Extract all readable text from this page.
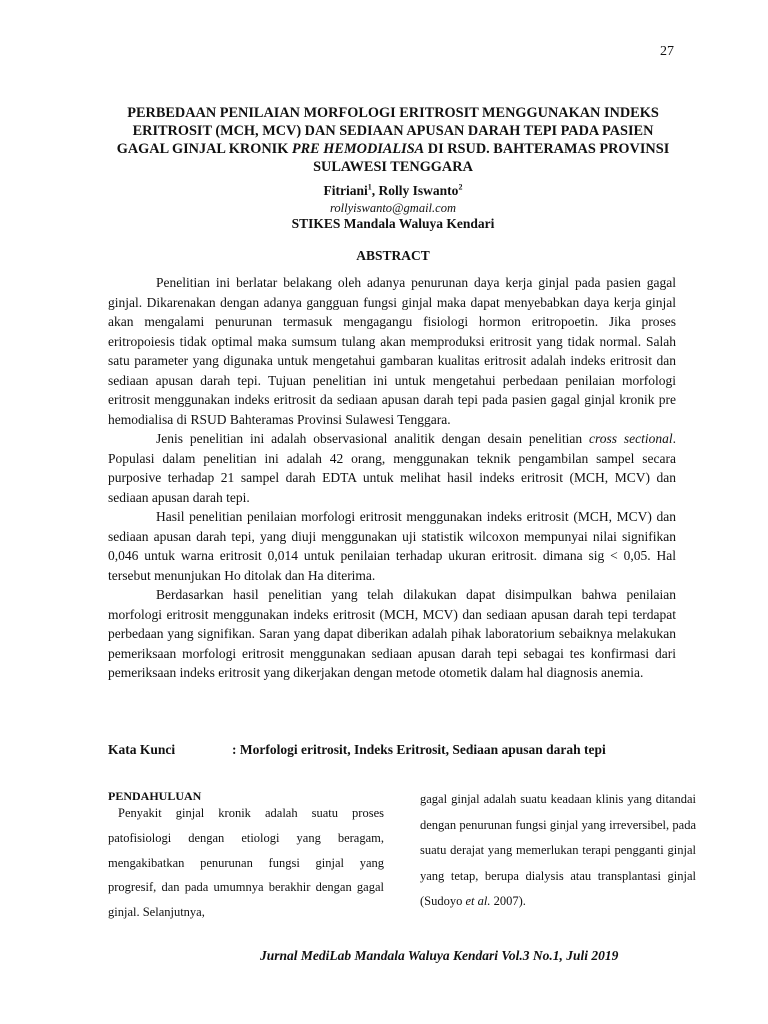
27
PERBEDAAN PENILAIAN MORFOLOGI ERITROSIT MENGGUNAKAN INDEKS ERITROSIT (MCH, MCV) DAN SEDIAAN APUSAN DARAH TEPI PADA PASIEN GAGAL GINJAL KRONIK PRE HEMODIALISA DI RSUD. BAHTERAMAS PROVINSI SULAWESI TENGGARA
Fitriani$^1$, Rolly Iswanto$^2$
rollyiswanto@gmail.com
STIKES Mandala Waluya Kendari
ABSTRACT

Penelitian ini berlatar belakang oleh adanya penurunan daya kerja ginjal pada pasien gagal ginjal. Dikarenakan dengan adanya gangguan fungsi ginjal maka dapat menyebabkan daya kerja ginjal akan mengalami penurunan termasuk mengagangu fisiologi hormon eritropoetin. Jika proses eritropoiesis tidak optimal maka sumsum tulang akan memproduksi eritrosit yang tidak normal. Salah satu parameter yang digunaka untuk mengetahui gambaran kualitas eritrosit adalah indeks eritrosit dan sediaan apusan darah tepi. Tujuan penelitian ini untuk mengetahui perbedaan penilaian morfologi eritrosit menggunakan indeks eritrosit da sediaan apusan darah tepi pada pasien gagal ginjal kronik pre hemodialisa di RSUD Bahteramas Provinsi Sulawesi Tenggara.

Jenis penelitian ini adalah observasional analitik dengan desain penelitian cross sectional. Populasi dalam penelitian ini adalah 42 orang, menggunakan teknik pengambilan sampel secara purposive terhadap 21 sampel darah EDTA untuk melihat hasil indeks eritrosit (MCH, MCV) dan sediaan apusan darah tepi.

Hasil penelitian penilaian morfologi eritrosit menggunakan indeks eritrosit (MCH, MCV) dan sediaan apusan darah tepi, yang diuji menggunakan uji statistik wilcoxon mempunyai nilai signifikan 0,046 untuk warna eritrosit 0,014 untuk penilaian terhadap ukuran eritrosit. dimana sig < 0,05. Hal tersebut menunjukan Ho ditolak dan Ha diterima.

Berdasarkan hasil penelitian yang telah dilakukan dapat disimpulkan bahwa penilaian morfologi eritrosit menggunakan indeks eritrosit (MCH, MCV) dan sediaan apusan darah tepi terdapat perbedaan yang signifikan. Saran yang dapat diberikan adalah pihak laboratorium sebaiknya melakukan pemeriksaan morfologi eritrosit menggunakan sediaan apusan darah tepi sebagai tes konfirmasi dari pemeriksaan indeks eritrosit yang dikerjakan dengan metode otometik dalam hal diagnosis anemia.

Kata Kunci	: Morfologi eritrosit, Indeks Eritrosit, Sediaan apusan darah tepi

PENDAHULUAN

Penyakit ginjal kronik adalah suatu proses patofisiologi dengan etiologi yang beragam, mengakibatkan penurunan fungsi ginjal yang progresif, dan pada umumnya berakhir dengan gagal ginjal. Selanjutnya,

gagal ginjal adalah suatu keadaan klinis yang ditandai dengan penurunan fungsi ginjal yang irreversibel, pada suatu derajat yang memerlukan terapi pengganti ginjal yang tetap, berupa dialysis atau transplantasi ginjal (Sudoyo et al. 2007).

Jurnal MediLab Mandala Waluya Kendari Vol.3 No.1, Juli 2019
